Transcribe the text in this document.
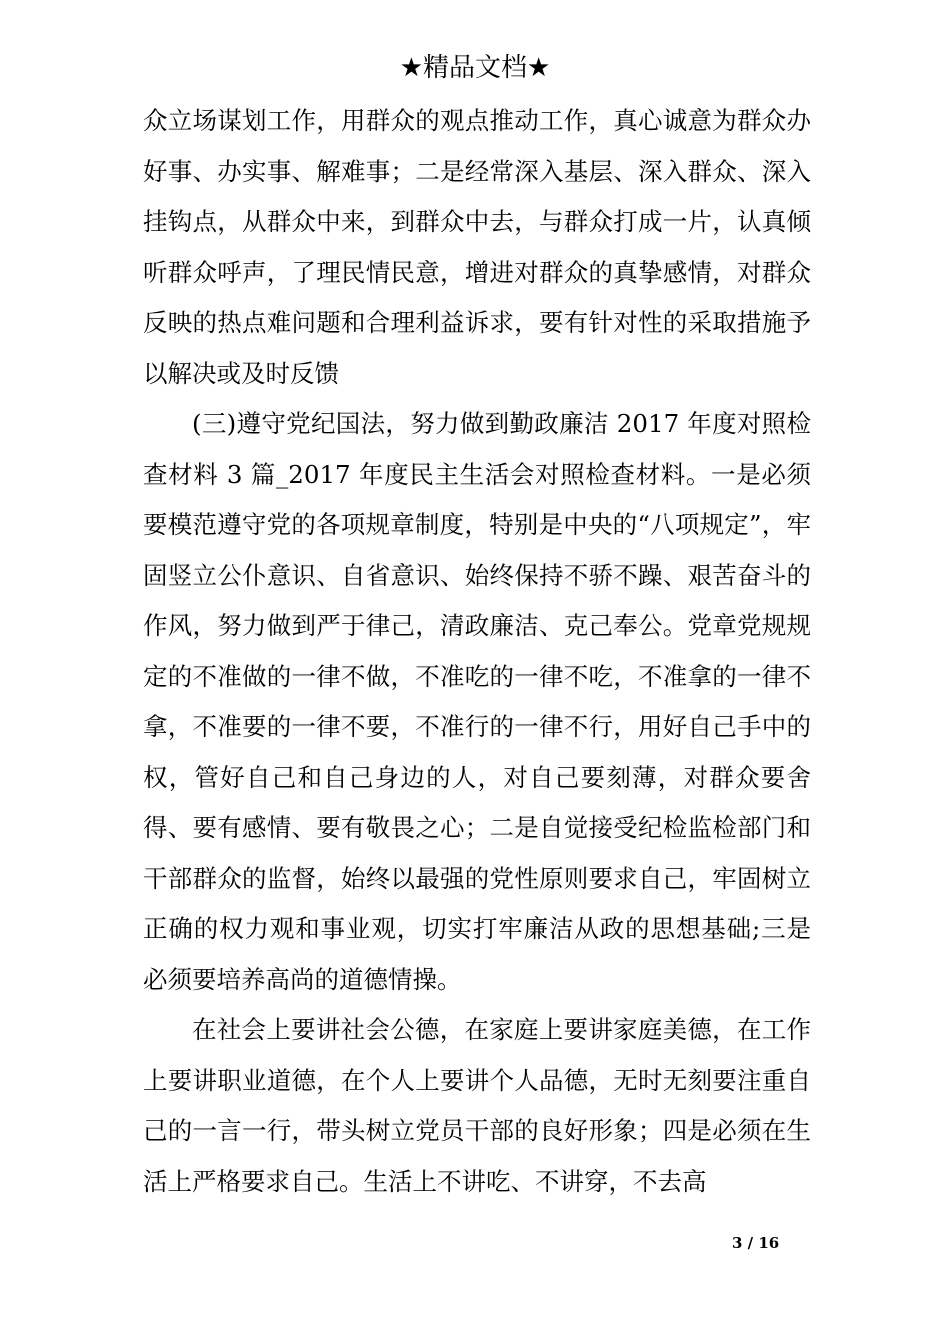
★精品文档★

众立场谋划工作，用群众的观点推动工作，真心诚意为群众办好事、办实事、解难事；二是经常深入基层、深入群众、深入挂钩点，从群众中来，到群众中去，与群众打成一片，认真倾听群众呼声，了理民情民意，增进对群众的真挚感情，对群众反映的热点难问题和合理利益诉求，要有针对性的采取措施予以解决或及时反馈

(三)遵守党纪国法，努力做到勤政廉洁 2017 年度对照检查材料 3 篇_2017 年度民主生活会对照检查材料。一是必须要模范遵守党的各项规章制度，特别是中央的“八项规定”，牢固竖立公仆意识、自省意识、始终保持不骄不躁、艰苦奋斗的作风，努力做到严于律己，清政廉洁、克己奉公。党章党规规定的不准做的一律不做，不准吃的一律不吃，不准拿的一律不拿，不准要的一律不要，不准行的一律不行，用好自己手中的权，管好自己和自己身边的人，对自己要刻薄，对群众要舍得、要有感情、要有敬畏之心；二是自觉接受纪检监检部门和干部群众的监督，始终以最强的党性原则要求自己，牢固树立正确的权力观和事业观，切实打牢廉洁从政的思想基础;三是必须要培养高尚的道德情操。

在社会上要讲社会公德，在家庭上要讲家庭美德，在工作上要讲职业道德，在个人上要讲个人品德，无时无刻要注重自己的一言一行，带头树立党员干部的良好形象；四是必须在生活上严格要求自己。生活上不讲吃、不讲穿，不去高

3 / 16
